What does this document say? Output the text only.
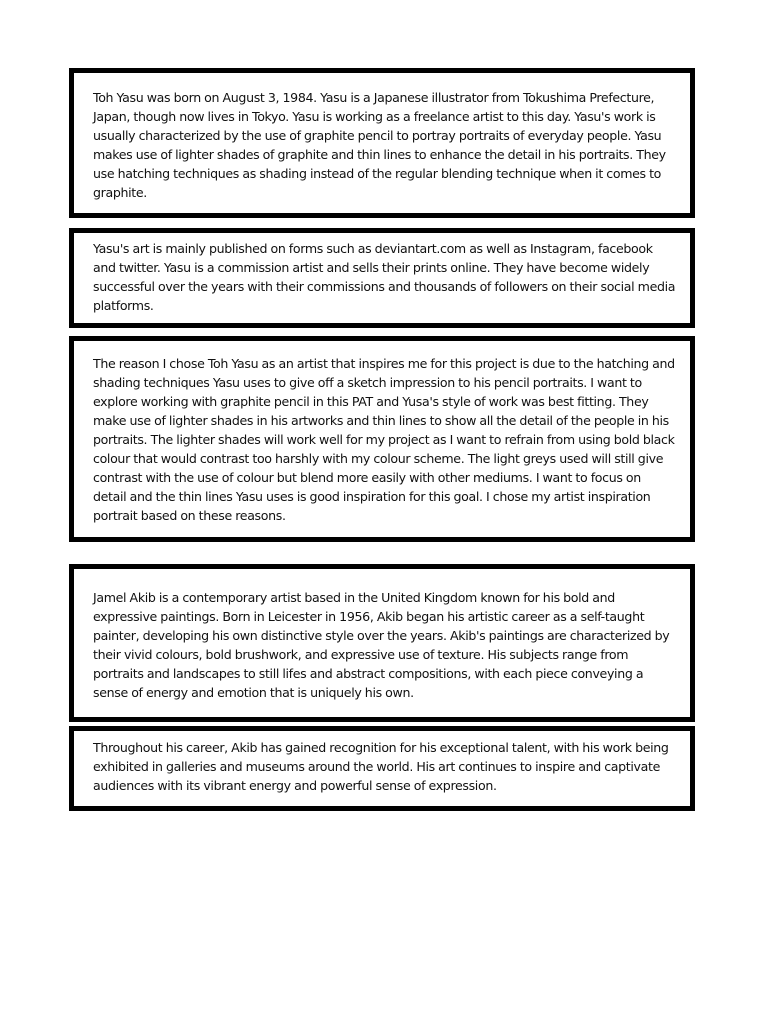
Toh Yasu was born on August 3, 1984. Yasu is a Japanese illustrator from Tokushima Prefecture, Japan, though now lives in Tokyo. Yasu is working as a freelance artist to this day. Yasu's work is usually characterized by the use of graphite pencil to portray portraits of everyday people. Yasu makes use of lighter shades of graphite and thin lines to enhance the detail in his portraits. They use hatching techniques as shading instead of the regular blending technique when it comes to graphite.

Yasu's art is mainly published on forms such as deviantart.com as well as Instagram, facebook and twitter. Yasu is a commission artist and sells their prints online. They have become widely successful over the years with their commissions and thousands of followers on their social media platforms.

The reason I chose Toh Yasu as an artist that inspires me for this project is due to the hatching and shading techniques Yasu uses to give off a sketch impression to his pencil portraits. I want to explore working with graphite pencil in this PAT and Yusa's style of work was best fitting. They make use of lighter shades in his artworks and thin lines to show all the detail of the people in his portraits. The lighter shades will work well for my project as I want to refrain from using bold black colour that would contrast too harshly with my colour scheme. The light greys used will still give contrast with the use of colour but blend more easily with other mediums. I want to focus on detail and the thin lines Yasu uses is good inspiration for this goal. I chose my artist inspiration portrait based on these reasons.

Jamel Akib is a contemporary artist based in the United Kingdom known for his bold and expressive paintings. Born in Leicester in 1956, Akib began his artistic career as a self-taught painter, developing his own distinctive style over the years. Akib's paintings are characterized by their vivid colours, bold brushwork, and expressive use of texture. His subjects range from portraits and landscapes to still lifes and abstract compositions, with each piece conveying a sense of energy and emotion that is uniquely his own.

Throughout his career, Akib has gained recognition for his exceptional talent, with his work being exhibited in galleries and museums around the world. His art continues to inspire and captivate audiences with its vibrant energy and powerful sense of expression.
